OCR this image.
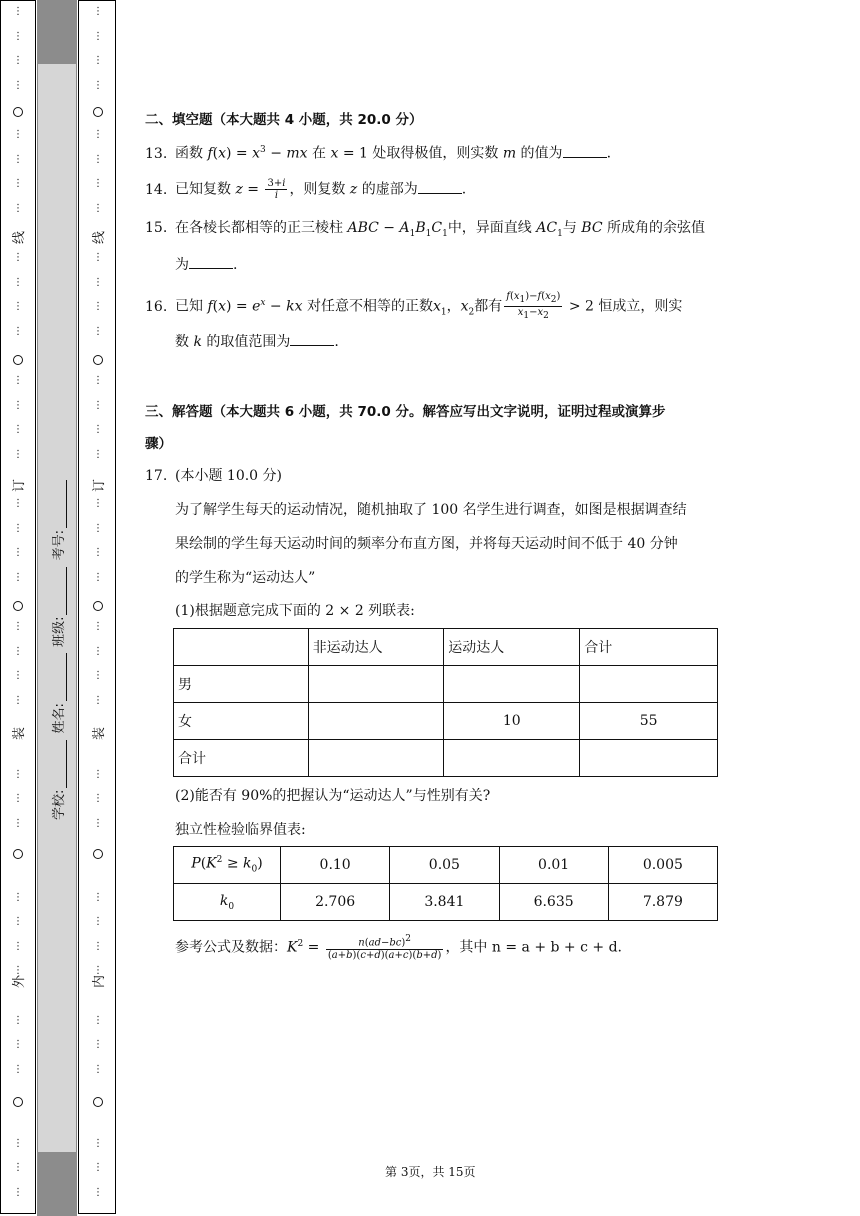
⋮
⋮
⋮
⋮
⋮
⋮
⋮
⋮
⋮
⋮
⋮
⋮
⋮
⋮
⋮
⋮
⋮
⋮
⋮
⋮
⋮
⋮
⋮
⋮
⋮
⋮
⋮
⋮
⋮
⋮
⋮
⋮
⋮
⋮
⋮
⋮
⋮
外
装
订
线
⋮
⋮
⋮
⋮
⋮
⋮
⋮
⋮
⋮
⋮
⋮
⋮
⋮
⋮
⋮
⋮
⋮
⋮
⋮
⋮
⋮
⋮
⋮
⋮
⋮
⋮
⋮
⋮
⋮
⋮
⋮
⋮
⋮
⋮
⋮
⋮
⋮
内
装
订
线
学校: 姓名: 班级: 考号:
二、填空题（本大题共 4 小题，共 20.0 分）
13. 函数 $f(x) = x^3$ − mx 在 x = 1 处取得极值，则实数 m 的值为	.
14. 已知复数 $z = \frac{3+i}{i}$ ，则复数 z 的虚部为	.
15. 在各棱长都相等的正三棱柱 ABC − $A_1B_1C_1$中，异面直线 $AC_1$与 BC 所成角的余弦值
为	.
16. 已知 $f(x) = e^x$ − kx 对任意不相等的正数$x_1$，$x_2$都有 $\frac{f(x_1)-f(x_2)}{x_1-x_2} > 2$ 恒成立，则实
数 k 的取值范围为	.
三、解答题（本大题共 6 小题，共 70.0 分。解答应写出文字说明，证明过程或演算步
骤）
17. (本小题 10.0 分)
为了解学生每天的运动情况，随机抽取了 100 名学生进行调查，如图是根据调查结
果绘制的学生每天运动时间的频率分布直方图，并将每天运动时间不低于 40 分钟
的学生称为“运动达人”
(1)根据题意完成下面的 2 × 2 列联表:
	非运动达人	运动达人	合计
男			
女		10	55
合计			
(2)能否有 90%的把握认为“运动达人”与性别有关?
独立性检验临界值表:
$P(K^2 \ge k_0)$	0.10	0.05	0.01	0.005
$k_0$	2.706	3.841	6.635	7.879
参考公式及数据：$K^2 = \frac{n(ad-bc)^2}{(a+b)(c+d)(a+c)(b+d)}$ ，其中 n = a + b + c + d.
第 3页，共 15页
